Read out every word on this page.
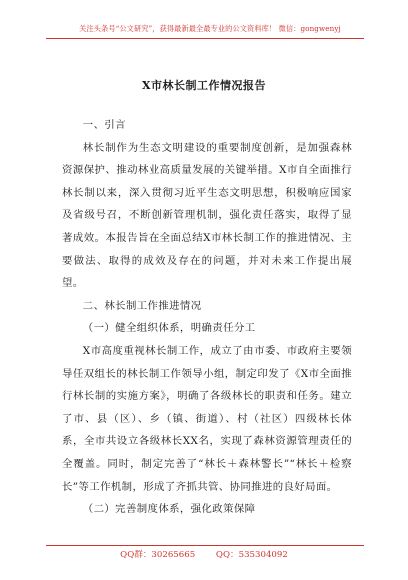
关注头条号“公文研究”，获得最新最全最专业的公文资料库！ 微信：gongwenyj
X市林长制工作情况报告

一、引言

林长制作为生态文明建设的重要制度创新，是加强森林资源保护、推动林业高质量发展的关键举措。X市自全面推行林长制以来，深入贯彻习近平生态文明思想，积极响应国家及省级号召，不断创新管理机制，强化责任落实，取得了显著成效。本报告旨在全面总结X市林长制工作的推进情况、主要做法、取得的成效及存在的问题，并对未来工作提出展望。

二、林长制工作推进情况

（一）健全组织体系，明确责任分工

X市高度重视林长制工作，成立了由市委、市政府主要领导任双组长的林长制工作领导小组，制定印发了《X市全面推行林长制的实施方案》，明确了各级林长的职责和任务。建立了市、县（区）、乡（镇、街道）、村（社区）四级林长体系，全市共设立各级林长XX名，实现了森林资源管理责任的全覆盖。同时，制定完善了“林长＋森林警长”“林长＋检察长”等工作机制，形成了齐抓共管、协同推进的良好局面。

（二）完善制度体系，强化政策保障

QQ群：30265665 QQ：535304092
